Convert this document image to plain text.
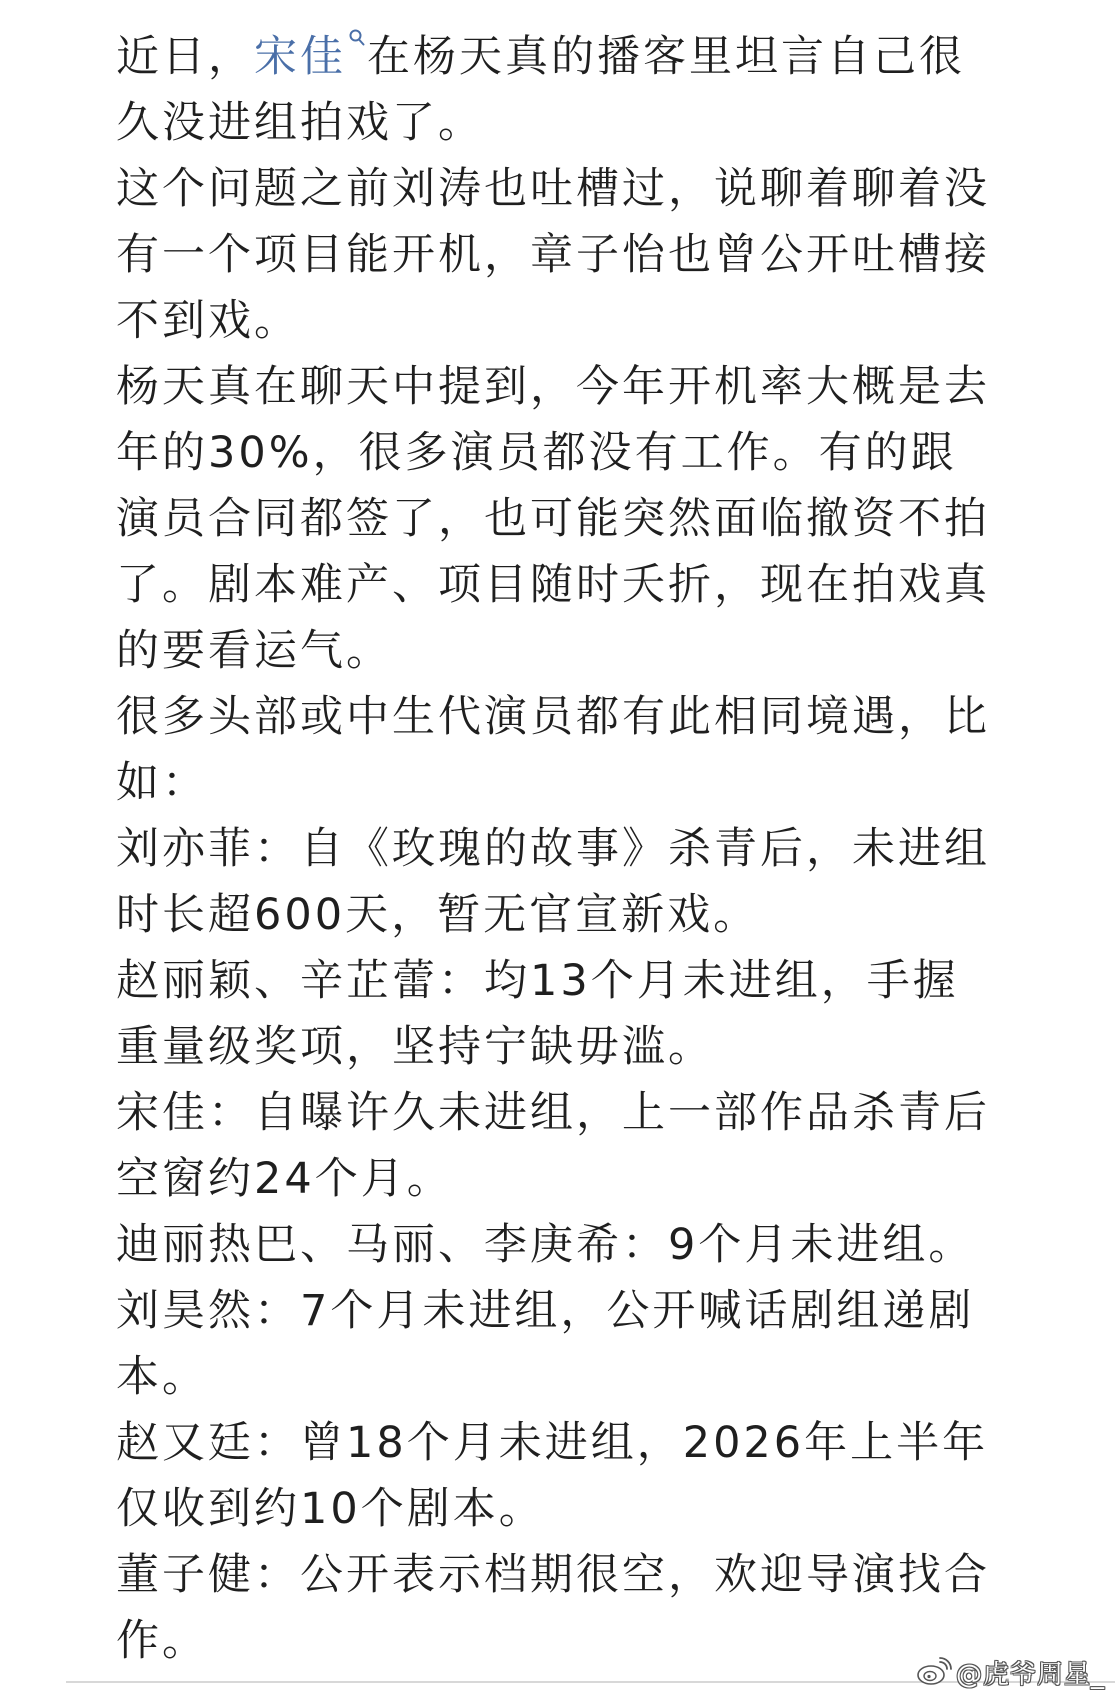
近日，宋佳 在杨天真的播客里坦言自己很久没进组拍戏了。

这个问题之前刘涛也吐槽过，说聊着聊着没有一个项目能开机，章子怡也曾公开吐槽接不到戏。

杨天真在聊天中提到，今年开机率大概是去年的30%，很多演员都没有工作。有的跟演员合同都签了，也可能突然面临撤资不拍了。剧本难产、项目随时夭折，现在拍戏真的要看运气。

很多头部或中生代演员都有此相同境遇，比如：

刘亦菲：自《玫瑰的故事》杀青后，未进组时长超600天，暂无官宣新戏。

赵丽颖、辛芷蕾：均13个月未进组，手握重量级奖项，坚持宁缺毋滥。

宋佳：自曝许久未进组，上一部作品杀青后空窗约24个月。

迪丽热巴、马丽、李庚希：9个月未进组。

刘昊然：7个月未进组，公开喊话剧组递剧本。

赵又廷：曾18个月未进组，2026年上半年仅收到约10个剧本。

董子健：公开表示档期很空，欢迎导演找合作。

@虎爷周星_
